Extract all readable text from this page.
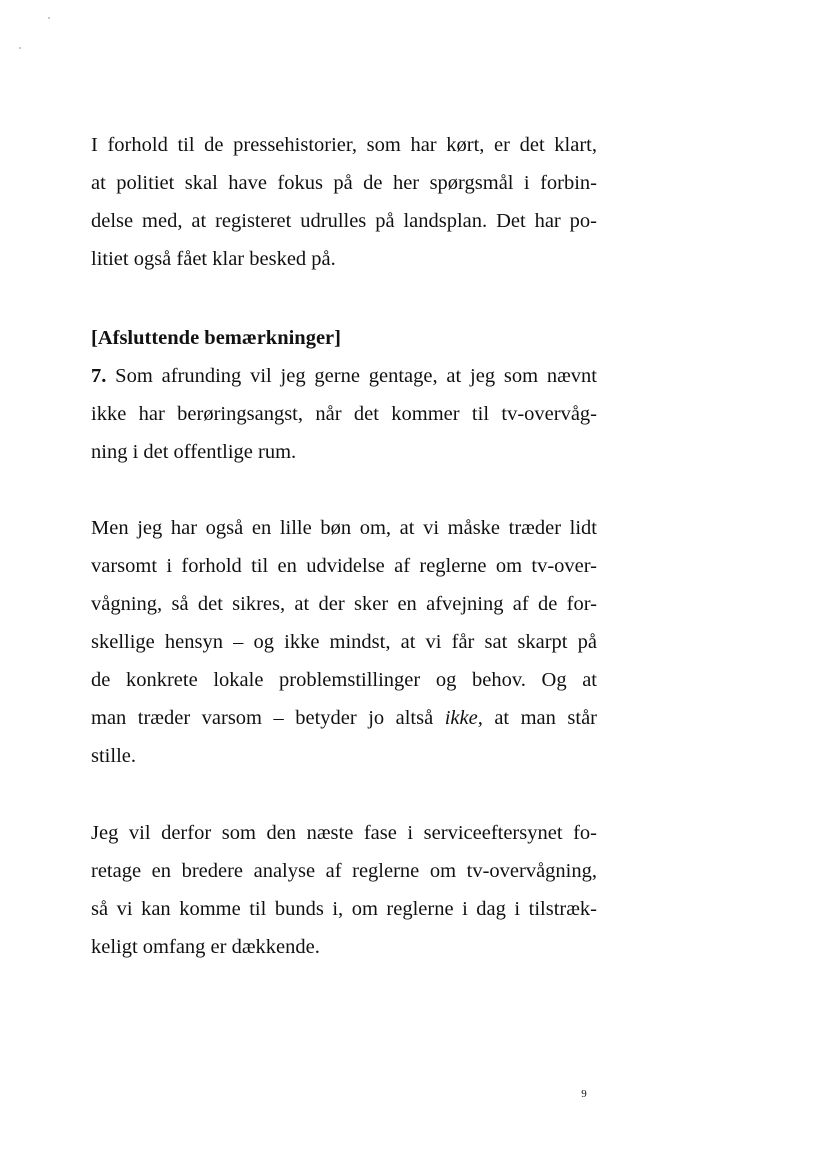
I forhold til de pressehistorier, som har kørt, er det klart,
at politiet skal have fokus på de her spørgsmål i forbin-
delse med, at registeret udrulles på landsplan. Det har po-
litiet også fået klar besked på.
[Afsluttende bemærkninger]
7. Som afrunding vil jeg gerne gentage, at jeg som nævnt
ikke har berøringsangst, når det kommer til tv-overvåg-
ning i det offentlige rum.
Men jeg har også en lille bøn om, at vi måske træder lidt
varsomt i forhold til en udvidelse af reglerne om tv-over-
vågning, så det sikres, at der sker en afvejning af de for-
skellige hensyn – og ikke mindst, at vi får sat skarpt på
de konkrete lokale problemstillinger og behov. Og at
man træder varsom – betyder jo altså ikke, at man står
stille.
Jeg vil derfor som den næste fase i serviceeftersynet fo-
retage en bredere analyse af reglerne om tv-overvågning,
så vi kan komme til bunds i, om reglerne i dag i tilstræk-
keligt omfang er dækkende.
9
